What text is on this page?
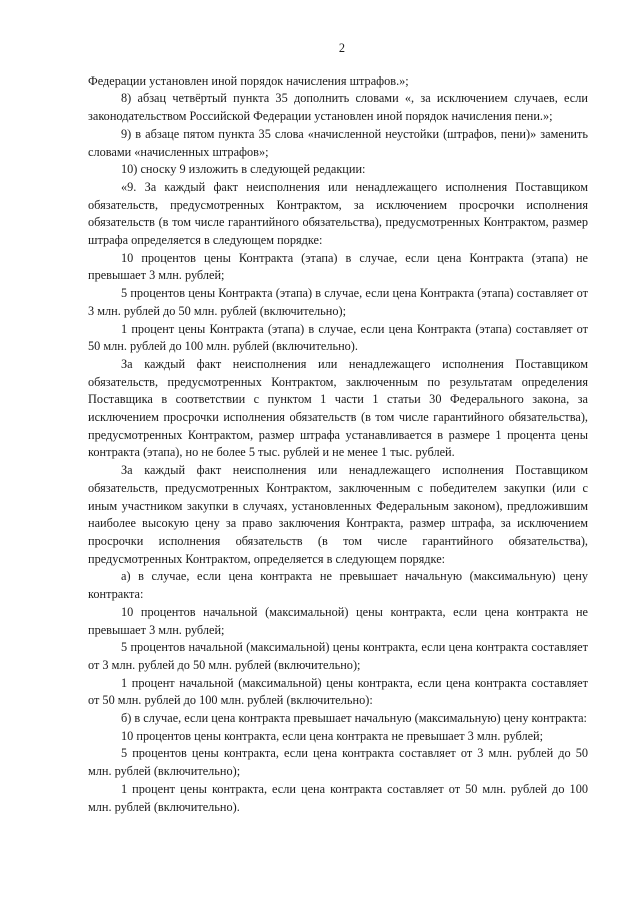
2

Федерации установлен иной порядок начисления штрафов.»;

8) абзац четвёртый пункта 35 дополнить словами «, за исключением случаев, если законодательством Российской Федерации установлен иной порядок начисления пени.»;

9) в абзаце пятом пункта 35 слова «начисленной неустойки (штрафов, пени)» заменить словами «начисленных штрафов»;

10) сноску 9 изложить в следующей редакции:

«9. За каждый факт неисполнения или ненадлежащего исполнения Поставщиком обязательств, предусмотренных Контрактом, за исключением просрочки исполнения обязательств (в том числе гарантийного обязательства), предусмотренных Контрактом, размер штрафа определяется в следующем порядке:

10 процентов цены Контракта (этапа) в случае, если цена Контракта (этапа) не превышает 3 млн. рублей;

5 процентов цены Контракта (этапа) в случае, если цена Контракта (этапа) составляет от 3 млн. рублей до 50 млн. рублей (включительно);

1 процент цены Контракта (этапа) в случае, если цена Контракта (этапа) составляет от 50 млн. рублей до 100 млн. рублей (включительно).

За каждый факт неисполнения или ненадлежащего исполнения Поставщиком обязательств, предусмотренных Контрактом, заключенным по результатам определения Поставщика в соответствии с пунктом 1 части 1 статьи 30 Федерального закона, за исключением просрочки исполнения обязательств (в том числе гарантийного обязательства), предусмотренных Контрактом, размер штрафа устанавливается в размере 1 процента цены контракта (этапа), но не более 5 тыс. рублей и не менее 1 тыс. рублей.

За каждый факт неисполнения или ненадлежащего исполнения Поставщиком обязательств, предусмотренных Контрактом, заключенным с победителем закупки (или с иным участником закупки в случаях, установленных Федеральным законом), предложившим наиболее высокую цену за право заключения Контракта, размер штрафа, за исключением просрочки исполнения обязательств (в том числе гарантийного обязательства), предусмотренных Контрактом, определяется в следующем порядке:

а) в случае, если цена контракта не превышает начальную (максимальную) цену контракта:

10 процентов начальной (максимальной) цены контракта, если цена контракта не превышает 3 млн. рублей;

5 процентов начальной (максимальной) цены контракта, если цена контракта составляет от 3 млн. рублей до 50 млн. рублей (включительно);

1 процент начальной (максимальной) цены контракта, если цена контракта составляет от 50 млн. рублей до 100 млн. рублей (включительно):

б) в случае, если цена контракта превышает начальную (максимальную) цену контракта:

10 процентов цены контракта, если цена контракта не превышает 3 млн. рублей;

5 процентов цены контракта, если цена контракта составляет от 3 млн. рублей до 50 млн. рублей (включительно);

1 процент цены контракта, если цена контракта составляет от 50 млн. рублей до 100 млн. рублей (включительно).
